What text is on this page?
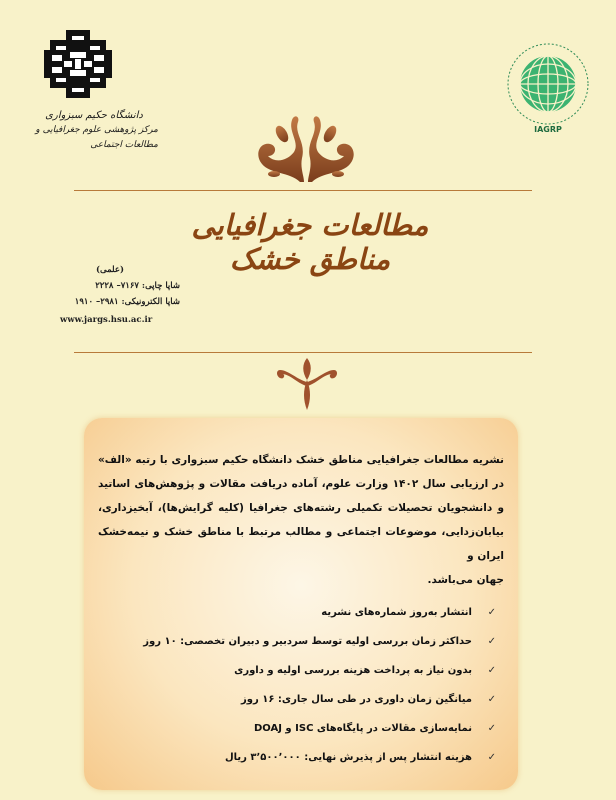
دانشگاه حکیم سبزواری
مرکز پژوهشی علوم جغرافیایی و مطالعات اجتماعی
IAGRP
مطالعات جغرافیایی مناطق خشک
(علمی)
شاپا چاپی: ۷۱۶۷– ۲۲۲۸
شاپا الکترونیکی: ۲۹۸۱– ۱۹۱۰
www.jargs.hsu.ac.ir
نشریه مطالعات جغرافیایی مناطق خشک دانشگاه حکیم سبزواری با رتبه «الف» در ارزیابی سال ۱۴۰۲ وزارت علوم، آماده دریافت مقالات و پژوهش‌های اساتید و دانشجویان تحصیلات تکمیلی رشته‌های جغرافیا (کلیه گرایش‌ها)، آبخیزداری، بیابان‌زدایی، موضوعات اجتماعی و مطالب مرتبط با مناطق خشک و نیمه‌خشک ایران و
جهان می‌باشد.
✓
انتشار به‌روز شماره‌های نشریه
✓
حداکثر زمان بررسی اولیه توسط سردبیر و دبیران تخصصی: ۱۰ روز
✓
بدون نیاز به پرداخت هزینه بررسی اولیه و داوری
✓
میانگین زمان داوری در طی سال جاری: ۱۶ روز
✓
نمایه‌سازی مقالات در پایگاه‌های ISC و DOAJ
✓
هزینه انتشار پس از پذیرش نهایی: ۳٬۵۰۰٬۰۰۰ ریال
